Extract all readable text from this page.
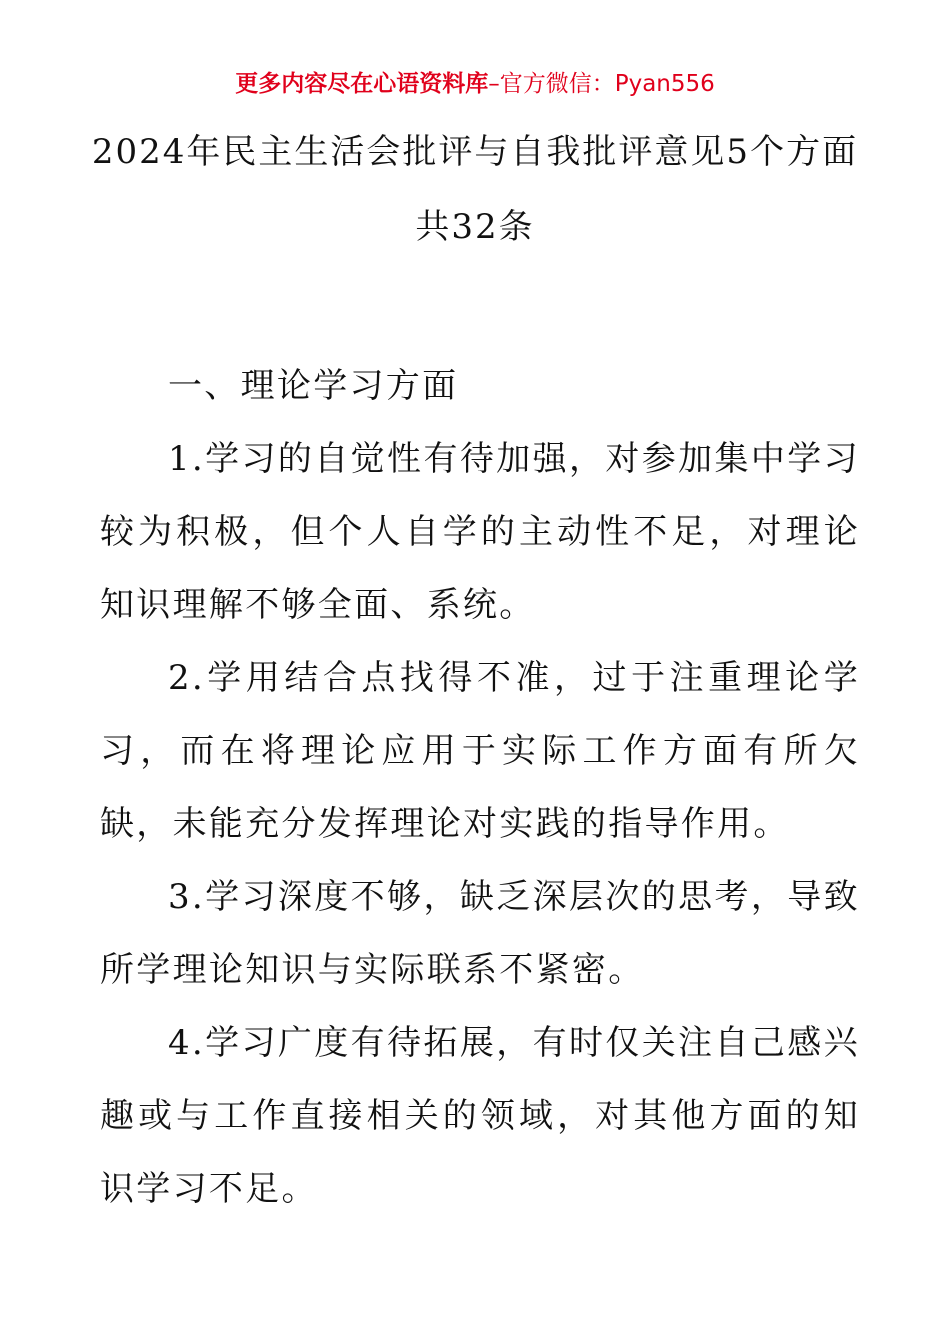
更多内容尽在心语资料库–官方微信：Pyan556
2024年民主生活会批评与自我批评意见5个方面
共32条

一、理论学习方面

1.学习的自觉性有待加强，对参加集中学习较为积极，但个人自学的主动性不足，对理论知识理解不够全面、系统。

2.学用结合点找得不准，过于注重理论学习，而在将理论应用于实际工作方面有所欠缺，未能充分发挥理论对实践的指导作用。

3.学习深度不够，缺乏深层次的思考，导致所学理论知识与实际联系不紧密。

4.学习广度有待拓展，有时仅关注自己感兴趣或与工作直接相关的领域，对其他方面的知识学习不足。
